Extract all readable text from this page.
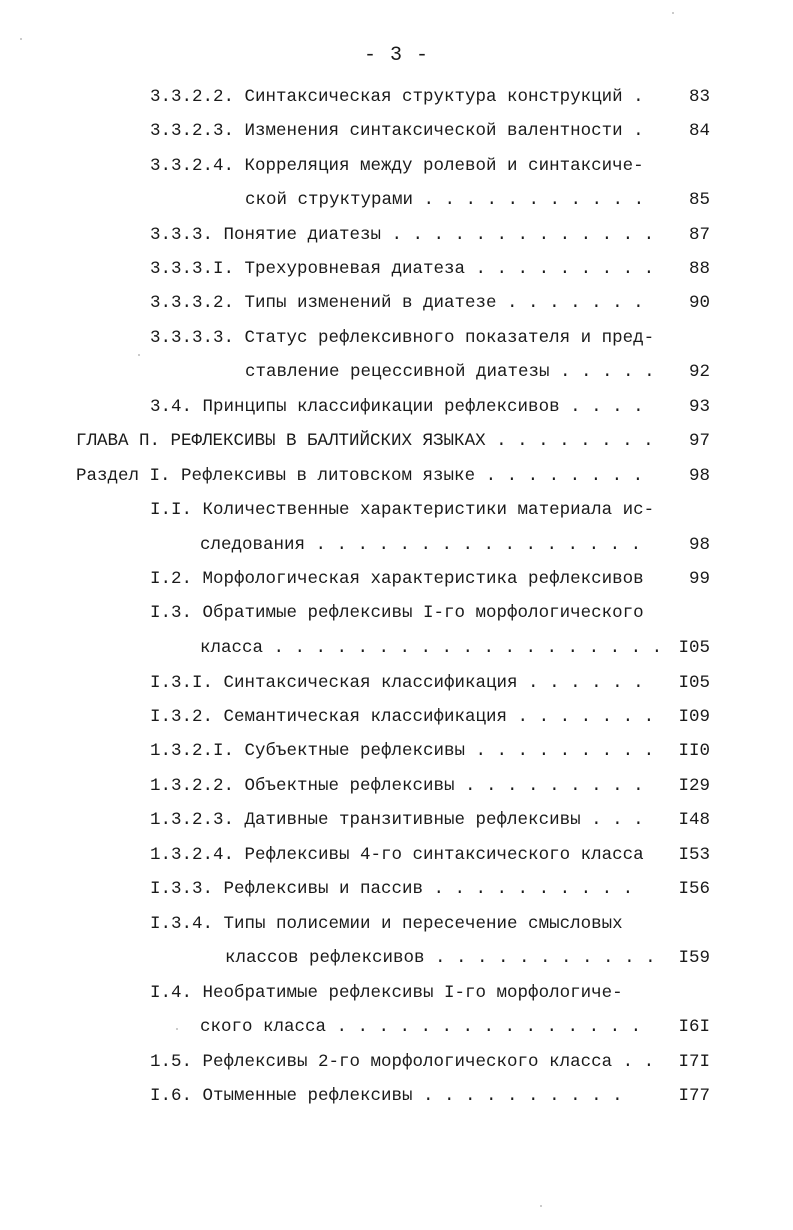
- 3 -
3.3.2.2. Синтаксическая структура конструкций .	83
3.3.2.3. Изменения синтаксической валентности .	84
3.3.2.4. Корреляция между ролевой и синтаксиче-
ской структурами . . . . . . . . . . .	85
3.3.3. Понятие диатезы . . . . . . . . . . . . .	87
3.3.3.I. Трехуровневая диатеза . . . . . . . . .	88
3.3.3.2. Типы изменений в диатезе . . . . . . .	90
3.3.3.3. Статус рефлексивного показателя и пред-
ставление рецессивной диатезы . . . . .	92
3.4. Принципы классификации рефлексивов . . . .	93
ГЛАВА П. РЕФЛЕКСИВЫ В БАЛТИЙСКИХ ЯЗЫКАХ . . . . . . . .	97
Раздел I. Рефлексивы в литовском языке . . . . . . . .	98
I.I. Количественные характеристики материала ис-
следования . . . . . . . . . . . . . . . .	98
I.2. Морфологическая характеристика рефлексивов	99
I.3. Обратимые рефлексивы I-го морфологического
класса . . . . . . . . . . . . . . . . . . . I05
I.3.I. Синтаксическая классификация . . . . . . I05
I.3.2. Семантическая классификация . . . . . . . I09
1.3.2.I. Субъектные рефлексивы . . . . . . . . . II0
1.3.2.2. Объектные рефлексивы . . . . . . . . . I29
1.3.2.3. Дативные транзитивные рефлексивы . . . I48
1.3.2.4. Рефлексивы 4-го синтаксического класса I53
I.3.3. Рефлексивы и пассив . . . . . . . . . .	I56
I.3.4. Типы полисемии и пересечение смысловых
классов рефлексивов . . . . . . . . . . . I59
I.4. Необратимые рефлексивы I-го морфологиче-
ского класса . . . . . . . . . . . . . . . I6I
1.5. Рефлексивы 2-го морфологического класса . . I7I
I.6. Отыменные рефлексивы . . . . . . . . . .	I77
